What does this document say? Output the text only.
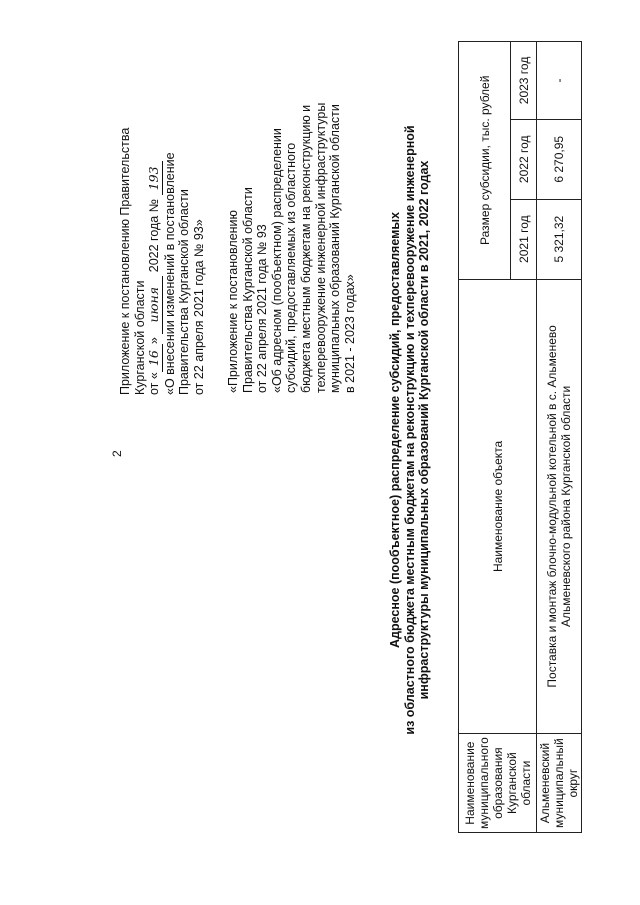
2
Приложение к постановлению Правительства Курганской области от «16» июня 2022 года № 193 «О внесении изменений в постановление Правительства Курганской области от 22 апреля 2021 года № 93» «Приложение к постановлению Правительства Курганской области от 22 апреля 2021 года № 93 «Об адресном (пообъектном) распределении субсидий, предоставляемых из областного бюджета местным бюджетам на реконструкцию и техперевооружение инженерной инфраструктуры муниципальных образований Курганской области в 2021 - 2023 годах»	Адресное (пообъектное) распределение субсидий, предоставляемых из областного бюджета местным бюджетам на реконструкцию и техперевооружение инженерной инфраструктуры муниципальных образований Курганской области в 2021, 2022 годах
Наименование муниципального образования Курганской области	Наименование объекта	Размер субсидии, тыс. рублей		
		2021 год	2022 год	2023 год
Альменевский муниципальный округ	Поставка и монтаж блочно-модульной котельной в с. Альменево Альменевского района Курганской области	5 321,32	6 270,95	-
